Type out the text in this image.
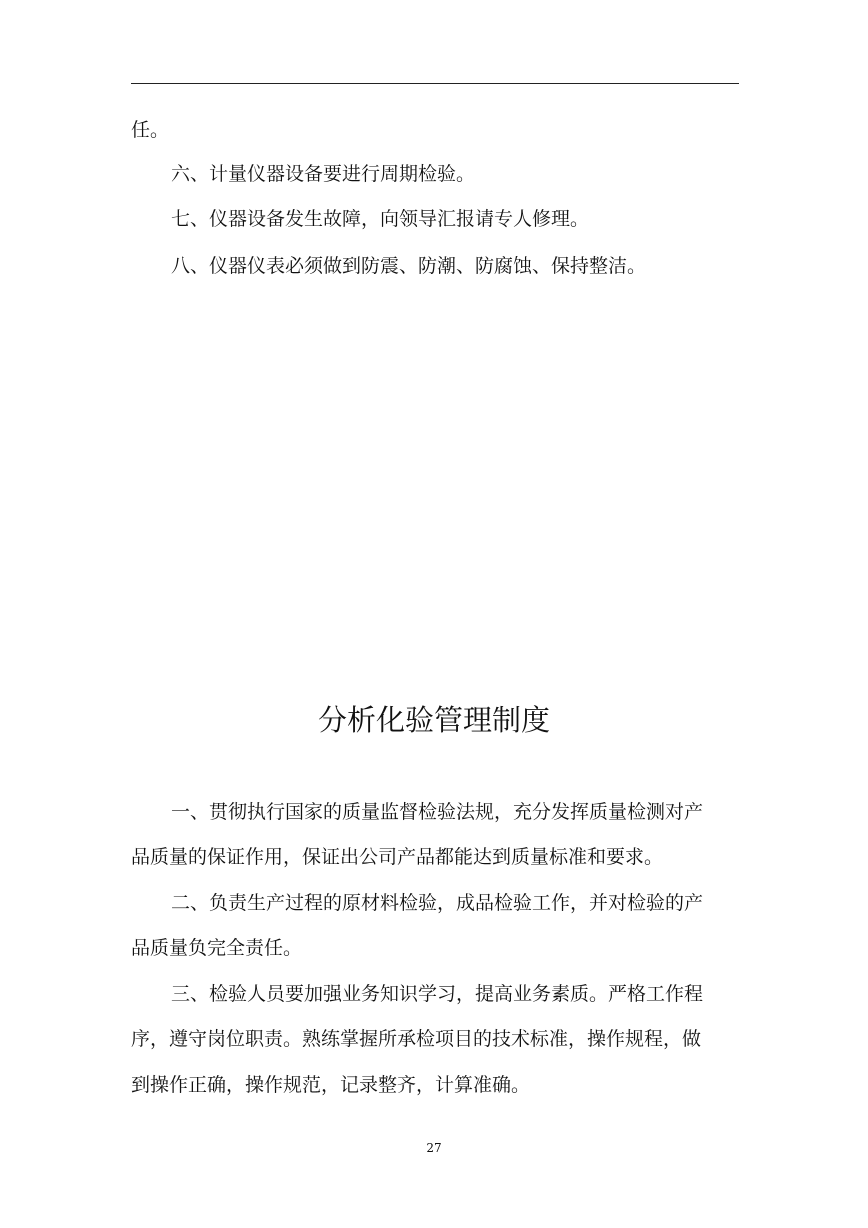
任。

六、计量仪器设备要进行周期检验。

七、仪器设备发生故障，向领导汇报请专人修理。

八、仪器仪表必须做到防震、防潮、防腐蚀、保持整洁。

分析化验管理制度

一、贯彻执行国家的质量监督检验法规，充分发挥质量检测对产

品质量的保证作用，保证出公司产品都能达到质量标准和要求。

二、负责生产过程的原材料检验，成品检验工作，并对检验的产

品质量负完全责任。

三、检验人员要加强业务知识学习，提高业务素质。严格工作程

序，遵守岗位职责。熟练掌握所承检项目的技术标准，操作规程，做

到操作正确，操作规范，记录整齐，计算准确。

27
